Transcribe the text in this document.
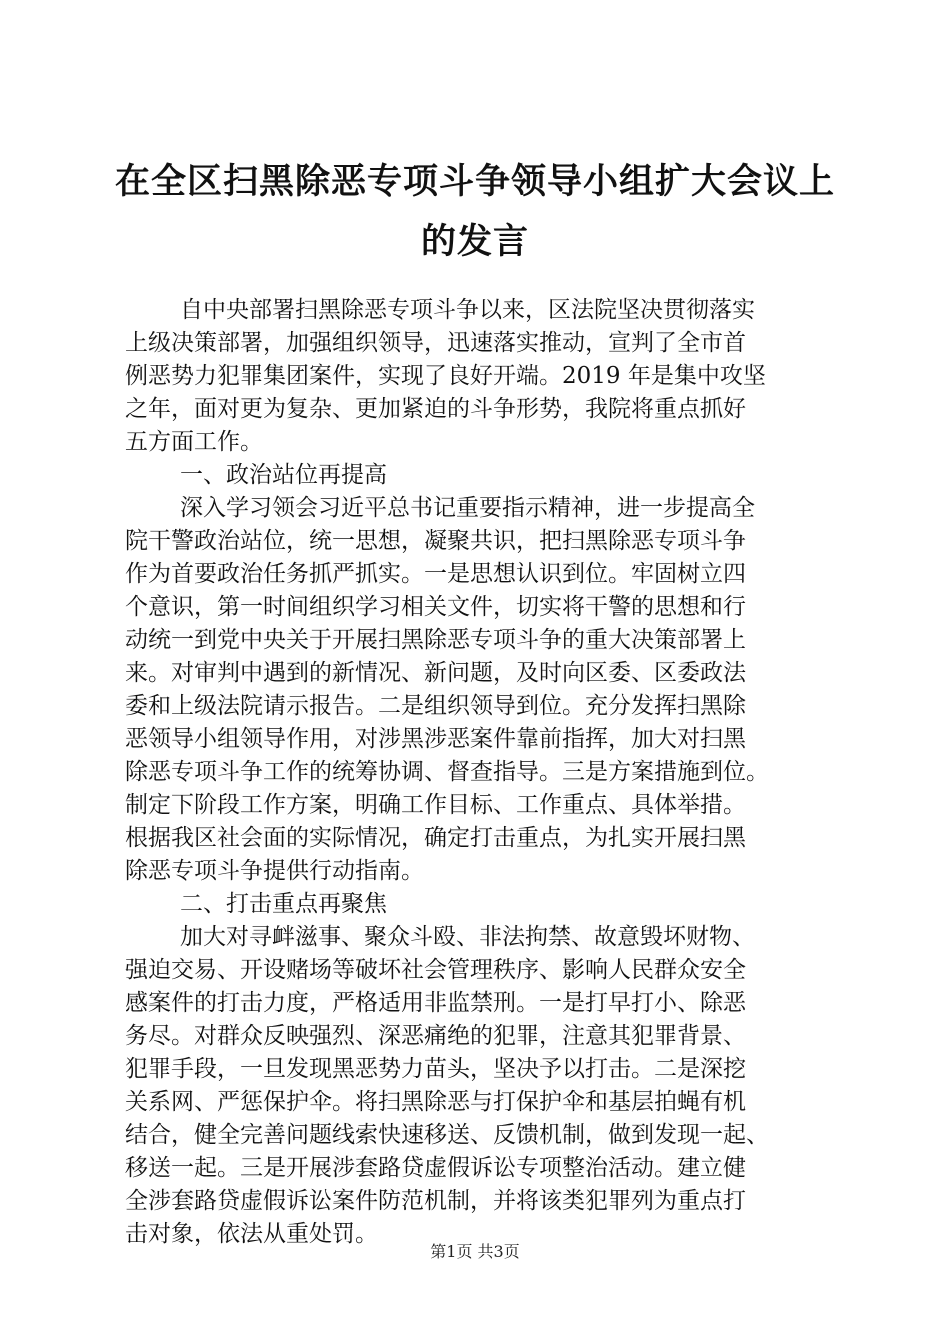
在全区扫黑除恶专项斗争领导小组扩大会议上
的发言
自中央部署扫黑除恶专项斗争以来，区法院坚决贯彻落实
上级决策部署，加强组织领导，迅速落实推动，宣判了全市首
例恶势力犯罪集团案件，实现了良好开端。2019 年是集中攻坚
之年，面对更为复杂、更加紧迫的斗争形势，我院将重点抓好
五方面工作。
一、政治站位再提高
深入学习领会习近平总书记重要指示精神，进一步提高全
院干警政治站位，统一思想，凝聚共识，把扫黑除恶专项斗争
作为首要政治任务抓严抓实。一是思想认识到位。牢固树立四
个意识，第一时间组织学习相关文件，切实将干警的思想和行
动统一到党中央关于开展扫黑除恶专项斗争的重大决策部署上
来。对审判中遇到的新情况、新问题，及时向区委、区委政法
委和上级法院请示报告。二是组织领导到位。充分发挥扫黑除
恶领导小组领导作用，对涉黑涉恶案件靠前指挥，加大对扫黑
除恶专项斗争工作的统筹协调、督查指导。三是方案措施到位。
制定下阶段工作方案，明确工作目标、工作重点、具体举措。
根据我区社会面的实际情况，确定打击重点，为扎实开展扫黑
除恶专项斗争提供行动指南。
二、打击重点再聚焦
加大对寻衅滋事、聚众斗殴、非法拘禁、故意毁坏财物、
强迫交易、开设赌场等破坏社会管理秩序、影响人民群众安全
感案件的打击力度，严格适用非监禁刑。一是打早打小、除恶
务尽。对群众反映强烈、深恶痛绝的犯罪，注意其犯罪背景、
犯罪手段，一旦发现黑恶势力苗头，坚决予以打击。二是深挖
关系网、严惩保护伞。将扫黑除恶与打保护伞和基层拍蝇有机
结合，健全完善问题线索快速移送、反馈机制，做到发现一起、
移送一起。三是开展涉套路贷虚假诉讼专项整治活动。建立健
全涉套路贷虚假诉讼案件防范机制，并将该类犯罪列为重点打
击对象，依法从重处罚。
第1页 共3页
